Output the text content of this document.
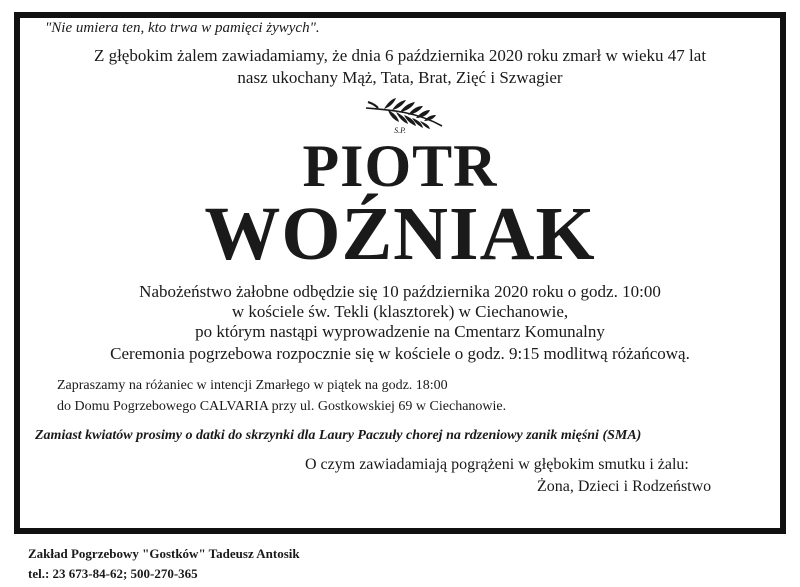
"Nie umiera ten, kto trwa w pamięci żywych".
Z głębokim żalem zawiadamiamy, że dnia 6 października 2020 roku zmarł w wieku 47 lat
nasz ukochany Mąż, Tata, Brat, Zięć i Szwagier
S.P.
PIOTR
WOŹNIAK
Nabożeństwo żałobne odbędzie się 10 października 2020 roku o godz. 10:00
w kościele św. Tekli (klasztorek) w Ciechanowie,
po którym nastąpi wyprowadzenie na Cmentarz Komunalny
Ceremonia pogrzebowa rozpocznie się w kościele o godz. 9:15 modlitwą różańcową.
Zapraszamy na różaniec w intencji Zmarłego w piątek na godz. 18:00
do Domu Pogrzebowego CALVARIA przy ul. Gostkowskiej 69 w Ciechanowie.
Zamiast kwiatów prosimy o datki do skrzynki dla Laury Paczuły chorej na rdzeniowy zanik mięśni (SMA)
O czym zawiadamiają pogrążeni w głębokim smutku i żalu:
Żona, Dzieci i Rodzeństwo
Zakład Pogrzebowy "Gostków" Tadeusz Antosik
tel.: 23 673-84-62; 500-270-365
